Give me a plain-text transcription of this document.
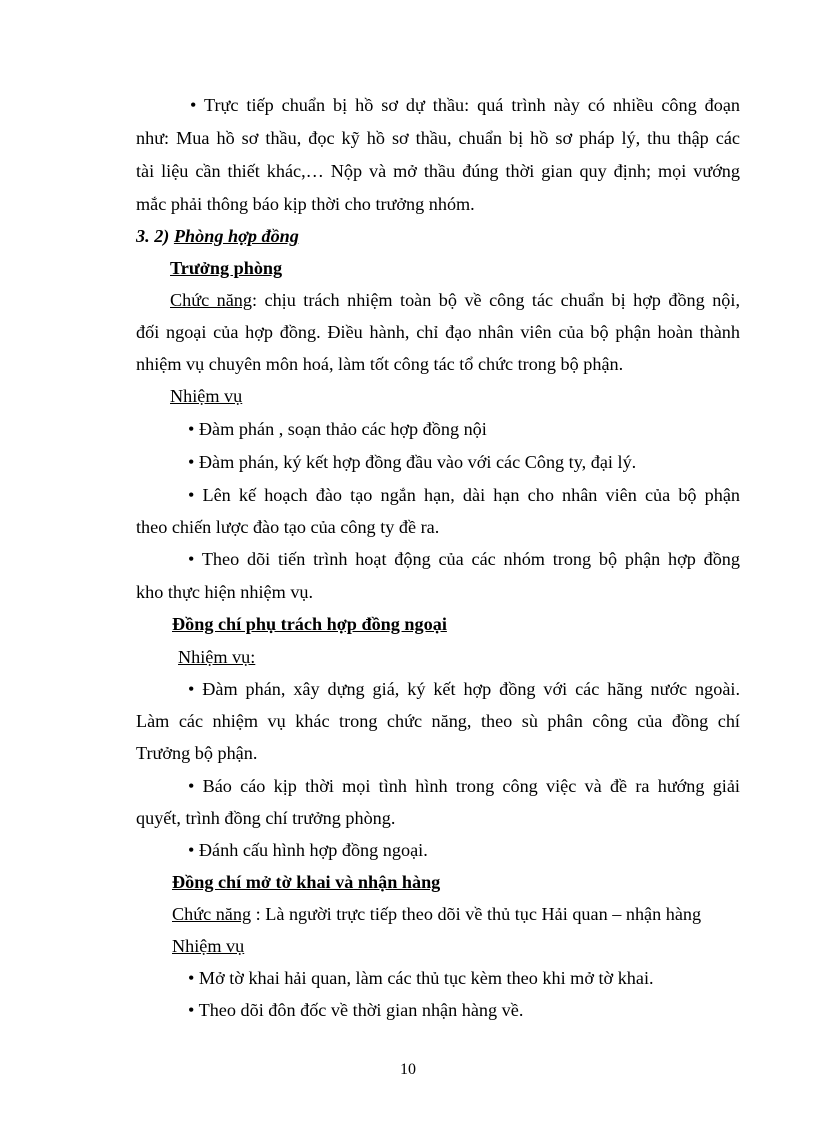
• Trực tiếp chuẩn bị hồ sơ dự thầu: quá trình này có nhiều công đoạn
như: Mua hồ sơ thầu, đọc kỹ hồ sơ thầu, chuẩn bị hồ sơ pháp lý, thu thập các
tài liệu cần thiết khác,… Nộp và mở thầu đúng thời gian quy định; mọi vướng
mắc phải thông báo kịp thời cho trưởng nhóm.
3. 2) Phòng hợp đồng
Trưởng phòng
Chức năng: chịu trách nhiệm toàn bộ về công tác chuẩn bị hợp đồng nội,
đối ngoại của hợp đồng. Điều hành, chỉ đạo nhân viên của bộ phận hoàn thành
nhiệm vụ chuyên môn hoá, làm tốt công tác tổ chức trong bộ phận.
Nhiệm vụ
• Đàm phán , soạn thảo các hợp đồng nội
• Đàm phán, ký kết hợp đồng đầu vào với các Công ty, đại lý.
• Lên kế hoạch đào tạo ngắn hạn, dài hạn cho nhân viên của bộ phận
theo chiến lược đào tạo của công ty đề ra.
• Theo dõi tiến trình hoạt động của các nhóm trong bộ phận hợp đồng
kho thực hiện nhiệm vụ.
Đồng chí phụ trách hợp đồng ngoại
Nhiệm vụ:
• Đàm phán, xây dựng giá, ký kết hợp đồng với các hãng nước ngoài.
Làm các nhiệm vụ khác trong chức năng, theo sù phân công của đồng chí
Trưởng bộ phận.
• Báo cáo kịp thời mọi tình hình trong công việc và đề ra hướng giải
quyết, trình đồng chí trưởng phòng.
• Đánh cấu hình hợp đồng ngoại.
Đồng chí mở tờ khai và nhận hàng
Chức năng : Là người trực tiếp theo dõi về thủ tục Hải quan – nhận hàng
Nhiệm vụ
• Mở tờ khai hải quan, làm các thủ tục kèm theo khi mở tờ khai.
• Theo dõi đôn đốc về thời gian nhận hàng về.
10
